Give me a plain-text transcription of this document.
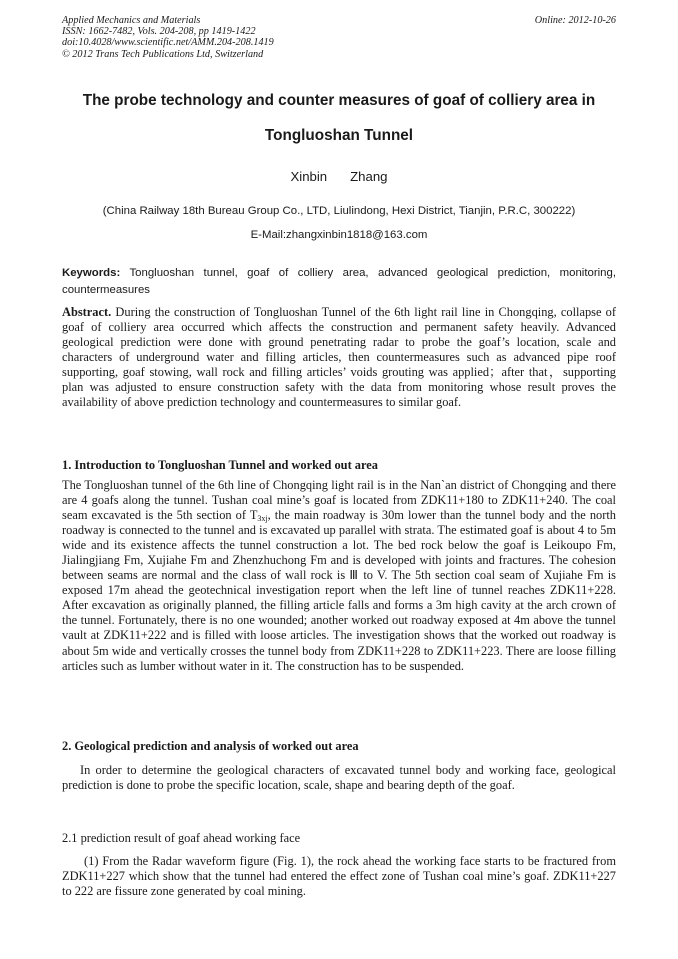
Applied Mechanics and Materials
ISSN: 1662-7482, Vols. 204-208, pp 1419-1422
doi:10.4028/www.scientific.net/AMM.204-208.1419
© 2012 Trans Tech Publications Ltd, Switzerland
Online: 2012-10-26
The probe technology and counter measures of goaf of colliery area in
Tongluoshan Tunnel
Xinbin   Zhang
(China Railway 18th Bureau Group Co., LTD, Liulindong, Hexi District, Tianjin, P.R.C, 300222)
E-Mail:zhangxinbin1818@163.com
Keywords: Tongluoshan tunnel, goaf of colliery area, advanced geological prediction, monitoring, countermeasures
Abstract. During the construction of Tongluoshan Tunnel of the 6th light rail line in Chongqing, collapse of goaf of colliery area occurred which affects the construction and permanent safety heavily. Advanced geological prediction were done with ground penetrating radar to probe the goaf’s location, scale and characters of underground water and filling articles, then countermeasures such as advanced pipe roof supporting, goaf stowing, wall rock and filling articles’ voids grouting was applied；after that，supporting plan was adjusted to ensure construction safety with the data from monitoring whose result proves the availability of above prediction technology and countermeasures to similar goaf.
1. Introduction to Tongluoshan Tunnel and worked out area
The Tongluoshan tunnel of the 6th line of Chongqing light rail is in the Nan`an district of Chongqing and there are 4 goafs along the tunnel. Tushan coal mine’s goaf is located from ZDK11+180 to ZDK11+240. The coal seam excavated is the 5th section of $T_{3xj}$, the main roadway is 30m lower than the tunnel body and the north roadway is connected to the tunnel and is excavated up parallel with strata. The estimated goaf is about 4 to 5m wide and its existence affects the tunnel construction a lot. The bed rock below the goaf is Leikoupo Fm, Jialingjiang Fm, Xujiahe Fm and Zhenzhuchong Fm and is developed with joints and fractures. The cohesion between seams are normal and the class of wall rock is Ⅲ to V. The 5th section coal seam of Xujiahe Fm is exposed 17m ahead the geotechnical investigation report when the left line of tunnel reaches ZDK11+228. After excavation as originally planned, the filling article falls and forms a 3m high cavity at the arch crown of the tunnel. Fortunately, there is no one wounded; another worked out roadway exposed at 4m above the tunnel vault at ZDK11+222 and is filled with loose articles. The investigation shows that the worked out roadway is about 5m wide and vertically crosses the tunnel body from ZDK11+228 to ZDK11+223. There are loose filling articles such as lumber without water in it. The construction has to be suspended.
2. Geological prediction and analysis of worked out area
In order to determine the geological characters of excavated tunnel body and working face, geological prediction is done to probe the specific location, scale, shape and bearing depth of the goaf.
2.1 prediction result of goaf ahead working face
(1) From the Radar waveform figure (Fig. 1), the rock ahead the working face starts to be fractured from ZDK11+227 which show that the tunnel had entered the effect zone of Tushan coal mine’s goaf. ZDK11+227 to 222 are fissure zone generated by coal mining.
